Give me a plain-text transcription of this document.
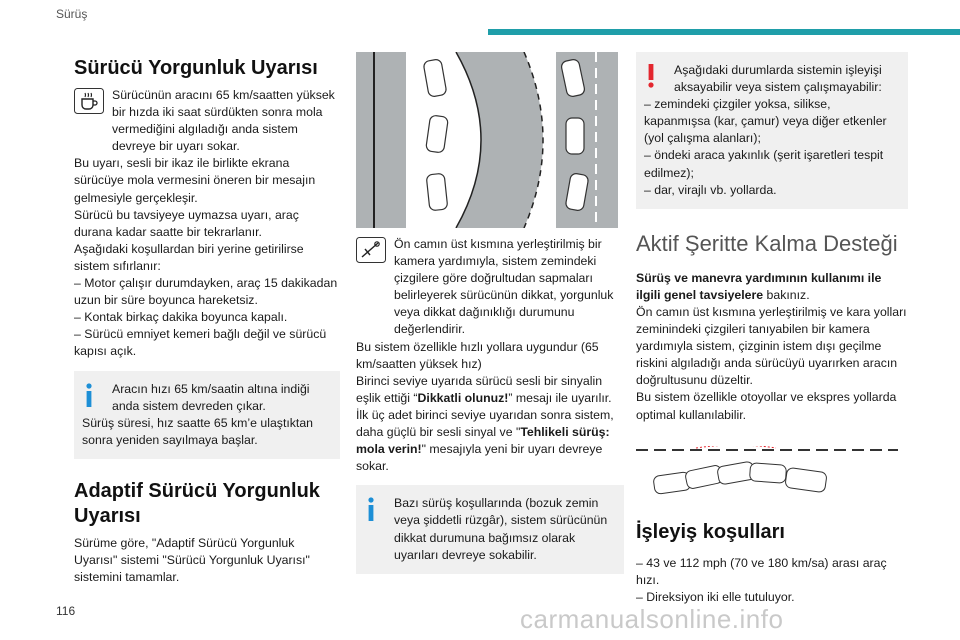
Sürüş
Sürücü Yorgunluk Uyarısı
Sürücünün aracını 65 km/saatten yüksek bir hızda iki saat sürdükten sonra mola vermediğini algıladığı anda sistem devreye bir uyarı sokar.

Bu uyarı, sesli bir ikaz ile birlikte ekrana sürücüye mola vermesini öneren bir mesajın gelmesiyle gerçekleşir.

Sürücü bu tavsiyeye uymazsa uyarı, araç durana kadar saatte bir tekrarlanır.

Aşağıdaki koşullardan biri yerine getirilirse sistem sıfırlanır:

– Motor çalışır durumdayken, araç 15 dakikadan uzun bir süre boyunca hareketsiz.

– Kontak birkaç dakika boyunca kapalı.

– Sürücü emniyet kemeri bağlı değil ve sürücü kapısı açık.

Aracın hızı 65 km/saatin altına indiği anda sistem devreden çıkar.
Sürüş süresi, hız saatte 65 km’e ulaştıktan sonra yeniden sayılmaya başlar.
Adaptif Sürücü Yorgunluk Uyarısı

Sürüme göre, "Adaptif Sürücü Yorgunluk Uyarısı" sistemi "Sürücü Yorgunluk Uyarısı" sistemini tamamlar.

Ön camın üst kısmına yerleştirilmiş bir kamera yardımıyla, sistem zemindeki çizgilere göre doğrultudan sapmaları belirleyerek sürücünün dikkat, yorgunluk veya dikkat dağınıklığı durumunu değerlendirir.

Bu sistem özellikle hızlı yollara uygundur (65 km/saatten yüksek hız)

Birinci seviye uyarıda sürücü sesli bir sinyalin eşlik ettiği “Dikkatli olunuz!” mesajı ile uyarılır.

İlk üç adet birinci seviye uyarıdan sonra sistem, daha güçlü bir sesli sinyal ve "Tehlikeli sürüş: mola verin!" mesajıyla yeni bir uyarı devreye sokar.

Bazı sürüş koşullarında (bozuk zemin veya şiddetli rüzgâr), sistem sürücünün dikkat durumuna bağımsız olarak uyarıları devreye sokabilir.
Aşağıdaki durumlarda sistemin işleyişi aksayabilir veya sistem çalışmayabilir:

– zemindeki çizgiler yoksa, silikse, kapanmışsa (kar, çamur) veya diğer etkenler (yol çalışma alanları);

– öndeki araca yakınlık (şerit işaretleri tespit edilmez);

– dar, virajlı vb. yollarda.

Aktif Şeritte Kalma Desteği

Sürüş ve manevra yardımının kullanımı ile ilgili genel tavsiyelere bakınız.

Ön camın üst kısmına yerleştirilmiş ve kara yolları zeminindeki çizgileri tanıyabilen bir kamera yardımıyla sistem, çizginin istem dışı geçilme riskini algıladığı anda sürücüyü uyarırken aracın doğrultusunu düzeltir.

Bu sistem özellikle otoyollar ve ekspres yollarda optimal kullanılabilir.

İşleyiş koşulları

– 43 ve 112 mph (70 ve 180 km/sa) arası araç hızı.

– Direksiyon iki elle tutuluyor.

116	carmanualsonline.info
